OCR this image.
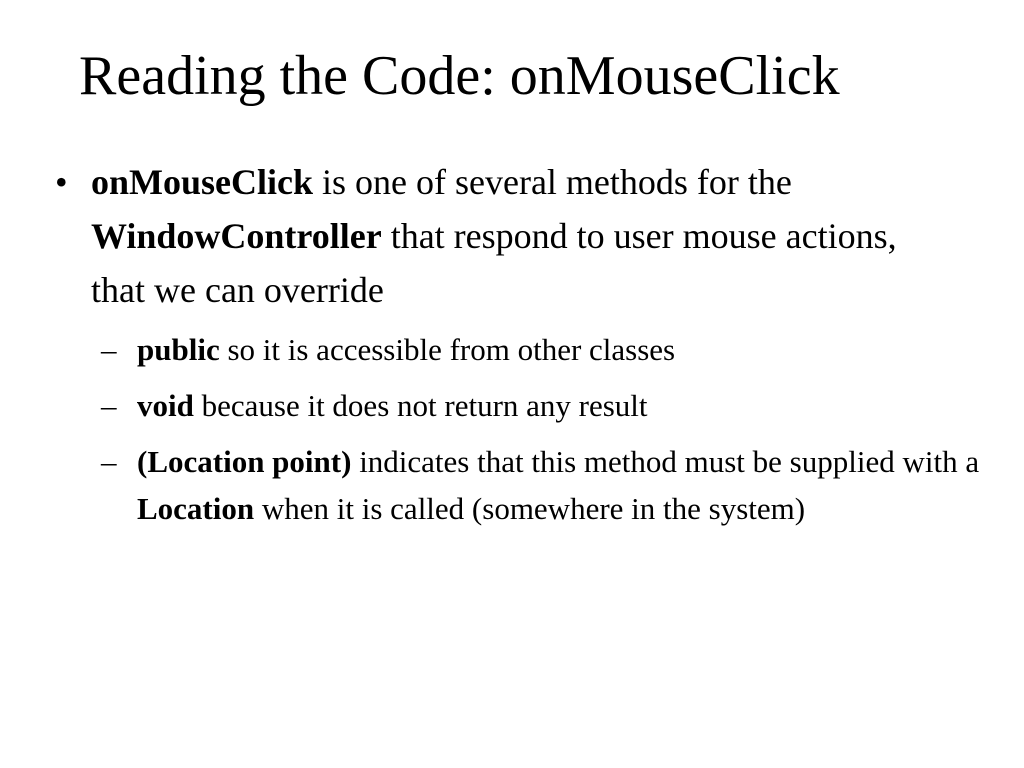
Reading the Code: onMouseClick
• onMouseClick is one of several methods for the WindowController that respond to user mouse actions, that we can override
– public so it is accessible from other classes
– void because it does not return any result
– (Location point) indicates that this method must be supplied with a Location when it is called (somewhere in the system)
